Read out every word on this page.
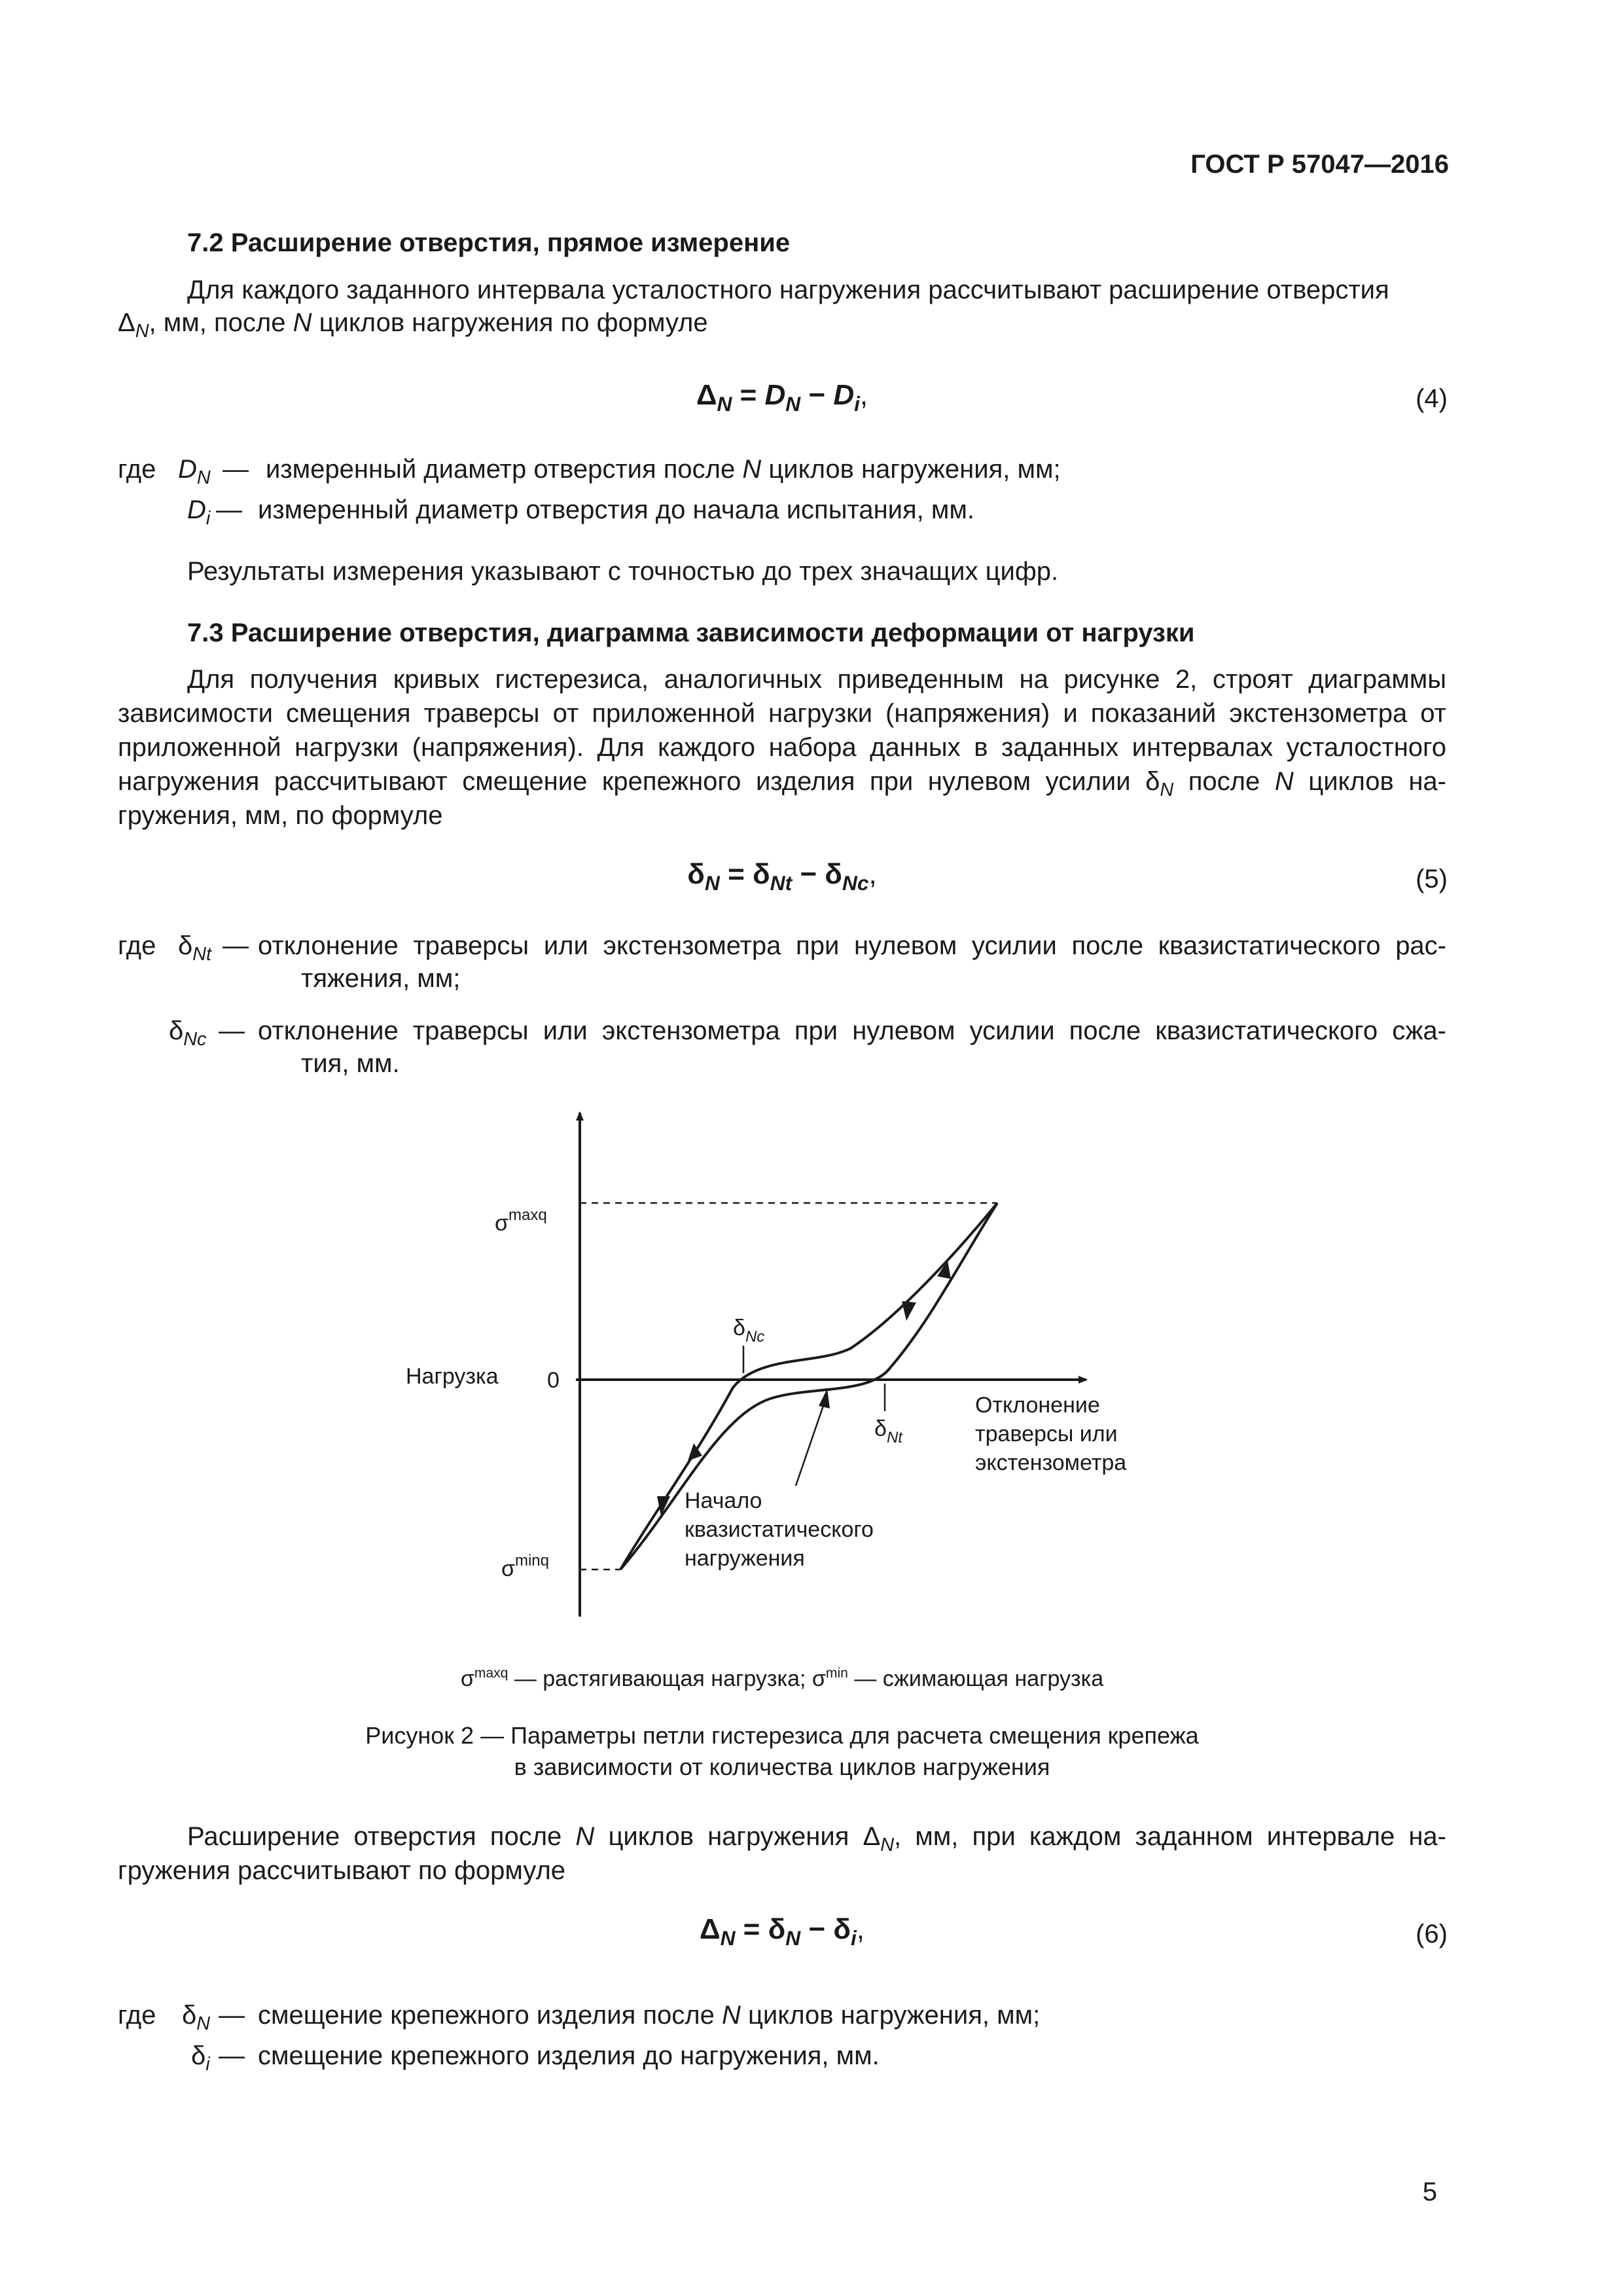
ГОСТ Р 57047—2016
7.2 Расширение отверстия, прямое измерение
Для каждого заданного интервала усталостного нагружения рассчитывают расширение отверстия
$\Delta_N$, мм, после N циклов нагружения по формуле
$\Delta_N = D_N - D_i$,	(4)
где $D_N$ — измеренный диаметр отверстия после N циклов нагружения, мм;
$D_i$ — измеренный диаметр отверстия до начала испытания, мм.
Результаты измерения указывают с точностью до трех значащих цифр.
7.3 Расширение отверстия, диаграмма зависимости деформации от нагрузки
Для получения кривых гистерезиса, аналогичных приведенным на рисунке 2, строят диаграммы
зависимости смещения траверсы от приложенной нагрузки (напряжения) и показаний экстензометра от
приложенной нагрузки (напряжения). Для каждого набора данных в заданных интервалах усталостного
нагружения рассчитывают смещение крепежного изделия при нулевом усилии $\delta_N$ после N циклов на-
гружения, мм, по формуле
$\delta_N = \delta_{Nt} - \delta_{Nc}$,	(5)
где $\delta_{Nt}$ — отклонение траверсы или экстензометра при нулевом усилии после квазистатического рас-
тяжения, мм;
$\delta_{Nc}$ — отклонение траверсы или экстензометра при нулевом усилии после квазистатического сжа-
тия, мм.
$\sigma^{maxq}$
$\sigma^{minq}$
Нагрузка 0
$\delta_{Nc}$
$\delta_{Nt}$
Отклонение
траверсы или
экстензометра
Начало
квазистатического
нагружения
$\sigma^{maxq}$ — растягивающая нагрузка; $\sigma^{min}$ — сжимающая нагрузка
Рисунок 2 — Параметры петли гистерезиса для расчета смещения крепежа
в зависимости от количества циклов нагружения
Расширение отверстия после N циклов нагружения $\Delta_N$, мм, при каждом заданном интервале на-
гружения рассчитывают по формуле
$\Delta_N = \delta_N - \delta_i$,	(6)
где $\delta_N$ — смещение крепежного изделия после N циклов нагружения, мм;
$\delta_i$ — смещение крепежного изделия до нагружения, мм.
5
